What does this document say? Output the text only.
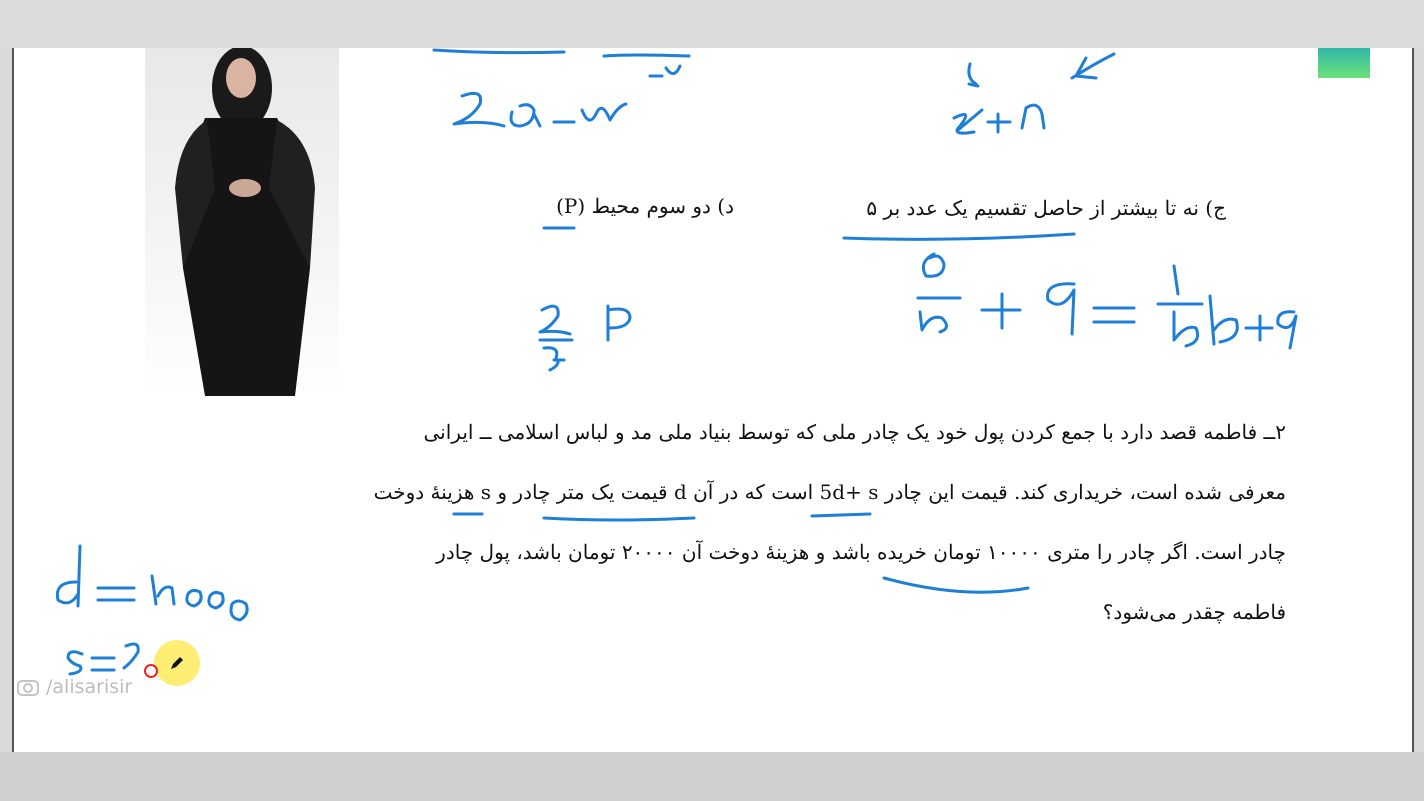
ج) نه تا بیشتر از حاصل تقسیم یک عدد بر ۵
د) دو سوم محیط (P)
۲ــ فاطمه قصد دارد با جمع کردن پول خود یک چادر ملی که توسط بنیاد ملی مد و لباس اسلامی ــ ایرانی
معرفی شده است، خریداری کند. قیمت این چادر 5d+ s است که در آن d قیمت یک متر چادر و s هزینهٔ دوخت
چادر است. اگر چادر را متری ۱۰۰۰۰ تومان خریده باشد و هزینهٔ دوخت آن ۲۰۰۰۰ تومان باشد، پول چادر
فاطمه چقدر می‌شود؟
/alisarisir
